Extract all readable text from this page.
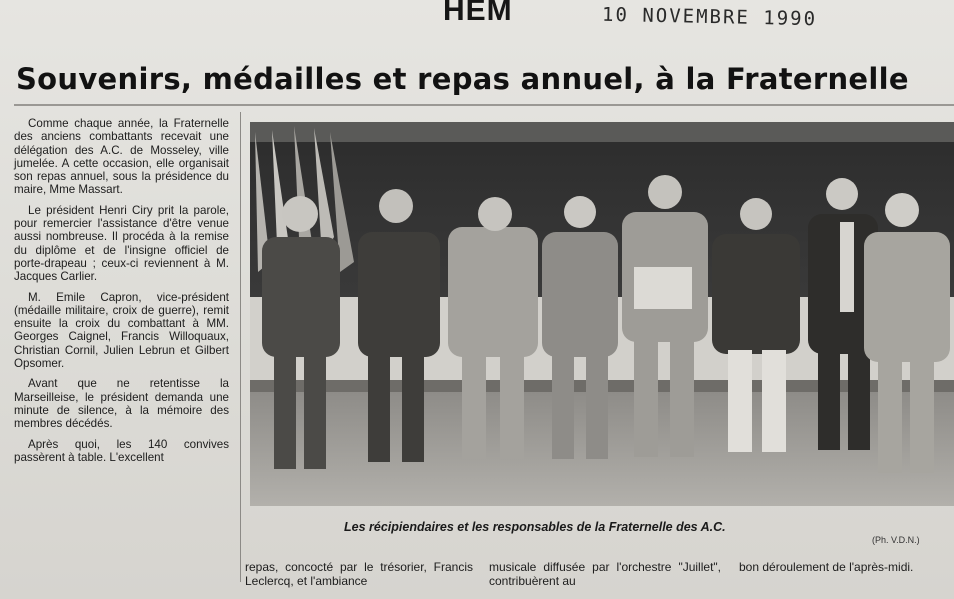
HEM	10 NOVEMBRE 1990
Souvenirs, médailles et repas annuel, à la Fraternelle

Comme chaque année, la Fraternelle des anciens combattants recevait une délégation des A.C. de Mosseley, ville jumelée. A cette occasion, elle organisait son repas annuel, sous la présidence du maire, Mme Massart.

Le président Henri Ciry prit la parole, pour remercier l'assistance d'être venue aussi nombreuse. Il procéda à la remise du diplôme et de l'insigne officiel de porte-drapeau ; ceux-ci reviennent à M. Jacques Carlier.

M. Emile Capron, vice-président (médaille militaire, croix de guerre), remit ensuite la croix du combattant à MM. Georges Caignel, Francis Willoquaux, Christian Cornil, Julien Lebrun et Gilbert Opsomer.

Avant que ne retentisse la Marseilleise, le président demanda une minute de silence, à la mémoire des membres décédés.

Après quoi, les 140 convives passèrent à table. L'excellent

Les récipiendaires et les responsables de la Fraternelle des A.C.
(Ph. V.D.N.)
repas, concocté par le trésorier, Francis Leclercq, et l'ambiance
musicale diffusée par l'orchestre "Juillet", contribuèrent au
bon déroulement de l'après-midi.
